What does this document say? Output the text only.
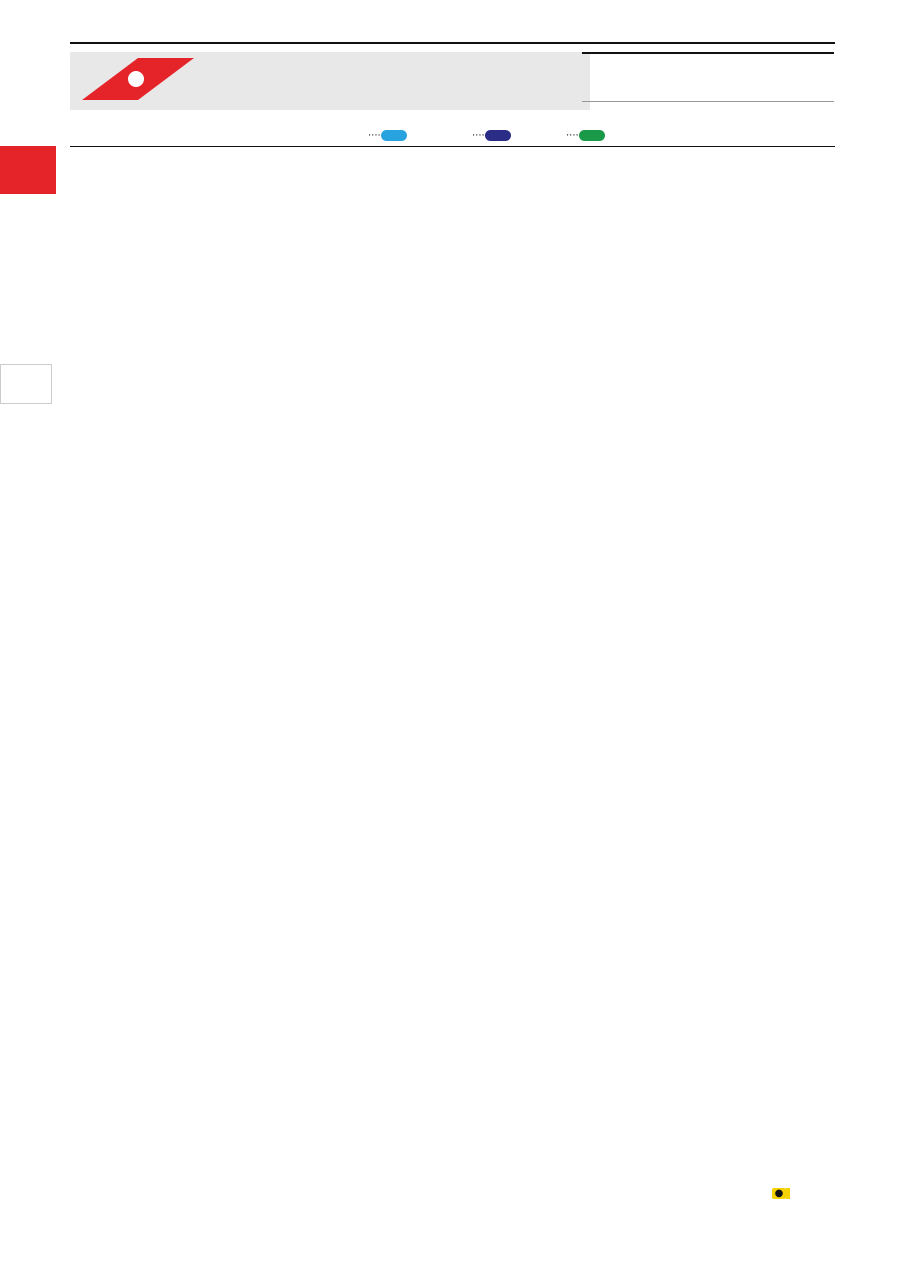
····	····	····

●
